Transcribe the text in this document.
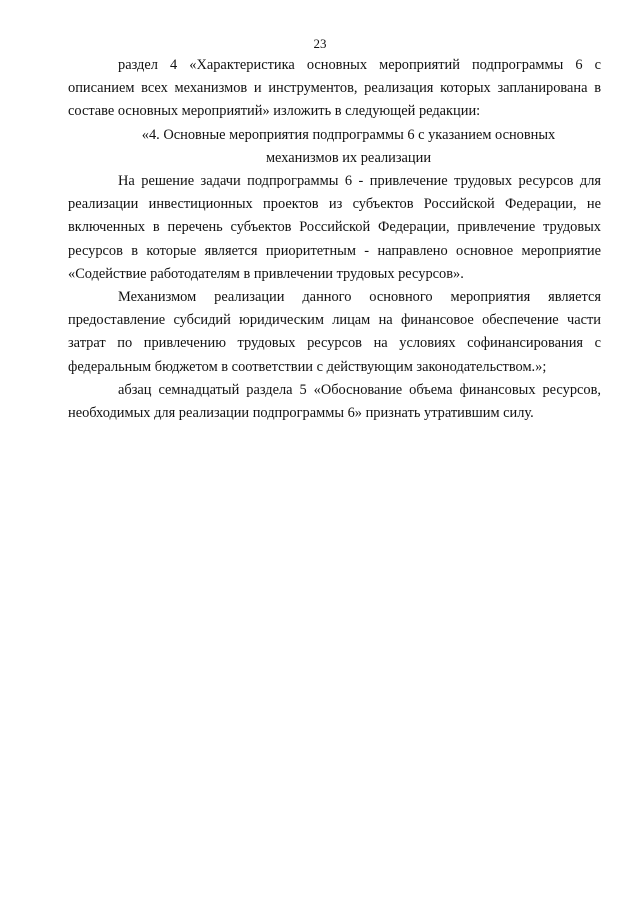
23

раздел 4 «Характеристика основных мероприятий подпрограммы 6 с описанием всех механизмов и инструментов, реализация которых запланирована в составе основных мероприятий» изложить в следующей редакции:

«4. Основные мероприятия подпрограммы 6 с указанием основных
механизмов их реализации

На решение задачи подпрограммы 6 - привлечение трудовых ресурсов для реализации инвестиционных проектов из субъектов Российской Федерации, не включенных в перечень субъектов Российской Федерации, привлечение трудовых ресурсов в которые является приоритетным - направлено основное мероприятие «Содействие работодателям в привлечении трудовых ресурсов».

Механизмом реализации данного основного мероприятия является предоставление субсидий юридическим лицам на финансовое обеспечение части затрат по привлечению трудовых ресурсов на условиях софинансирования с федеральным бюджетом в соответствии с действующим законодательством.»;

абзац семнадцатый раздела 5 «Обоснование объема финансовых ресурсов, необходимых для реализации подпрограммы 6» признать утратившим силу.
